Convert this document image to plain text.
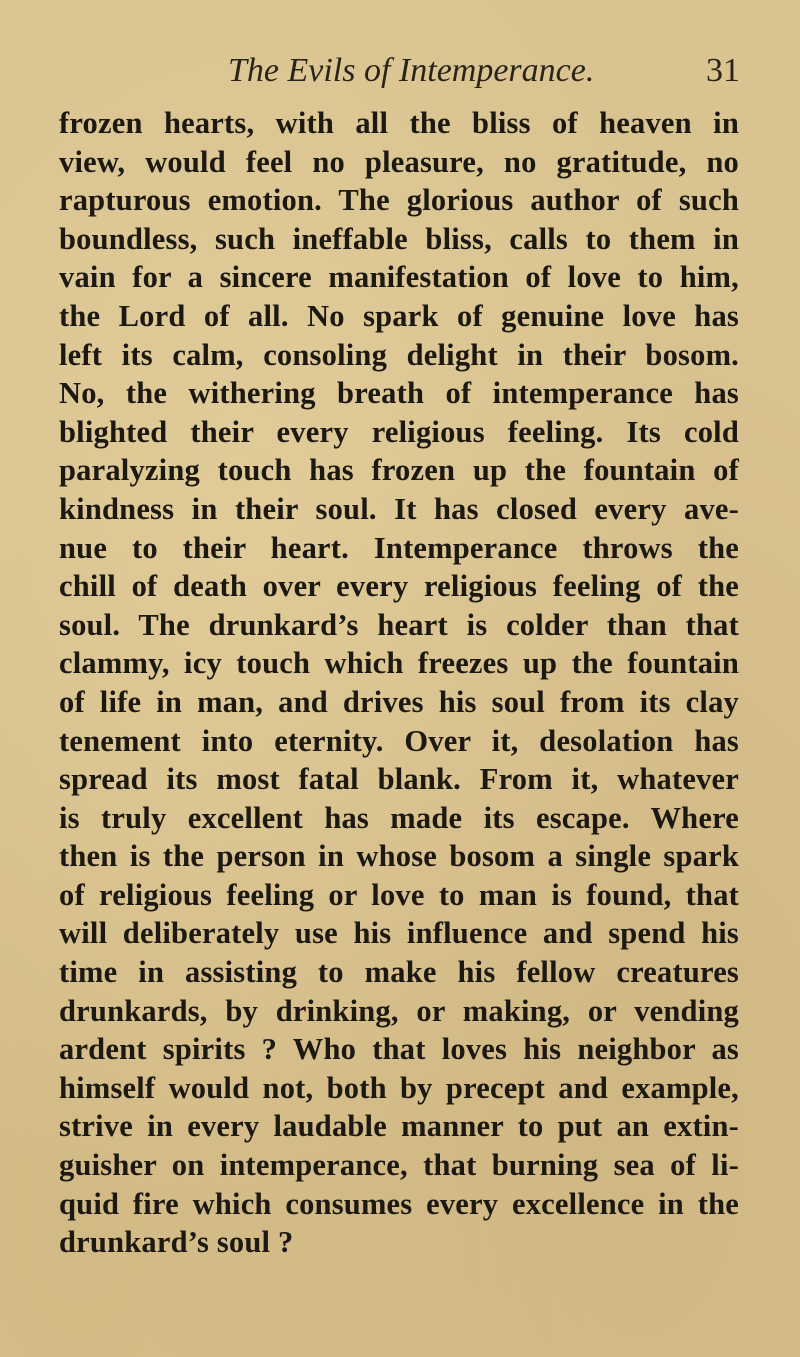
The Evils of Intemperance.	31
frozen hearts, with all the bliss of heaven in
view, would feel no pleasure, no gratitude, no
rapturous emotion. The glorious author of such
boundless, such ineffable bliss, calls to them in
vain for a sincere manifestation of love to him,
the Lord of all. No spark of genuine love has
left its calm, consoling delight in their bosom.
No, the withering breath of intemperance has
blighted their every religious feeling. Its cold
paralyzing touch has frozen up the fountain of
kindness in their soul. It has closed every ave-
nue to their heart. Intemperance throws the
chill of death over every religious feeling of the
soul. The drunkard’s heart is colder than that
clammy, icy touch which freezes up the fountain
of life in man, and drives his soul from its clay
tenement into eternity. Over it, desolation has
spread its most fatal blank. From it, whatever
is truly excellent has made its escape. Where
then is the person in whose bosom a single spark
of religious feeling or love to man is found, that
will deliberately use his influence and spend his
time in assisting to make his fellow creatures
drunkards, by drinking, or making, or vending
ardent spirits ? Who that loves his neighbor as
himself would not, both by precept and example,
strive in every laudable manner to put an extin-
guisher on intemperance, that burning sea of li-
quid fire which consumes every excellence in the
drunkard’s soul ?
